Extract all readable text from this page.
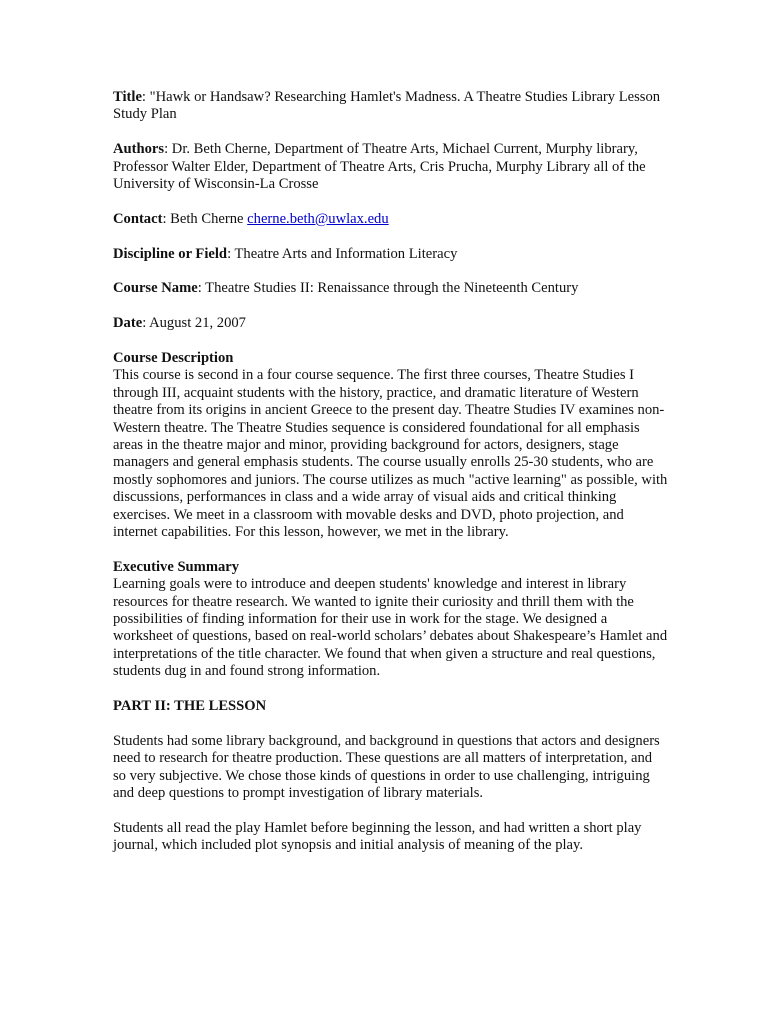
Title: "Hawk or Handsaw? Researching Hamlet's Madness. A Theatre Studies Library Lesson Study Plan

Authors: Dr. Beth Cherne, Department of Theatre Arts, Michael Current, Murphy library, Professor Walter Elder, Department of Theatre Arts, Cris Prucha, Murphy Library all of the University of Wisconsin-La Crosse

Contact: Beth Cherne cherne.beth@uwlax.edu

Discipline or Field: Theatre Arts and Information Literacy

Course Name: Theatre Studies II: Renaissance through the Nineteenth Century

Date: August 21, 2007

Course Description
This course is second in a four course sequence. The first three courses, Theatre Studies I through III, acquaint students with the history, practice, and dramatic literature of Western theatre from its origins in ancient Greece to the present day. Theatre Studies IV examines non-Western theatre. The Theatre Studies sequence is considered foundational for all emphasis areas in the theatre major and minor, providing background for actors, designers, stage managers and general emphasis students. The course usually enrolls 25-30 students, who are mostly sophomores and juniors. The course utilizes as much "active learning" as possible, with discussions, performances in class and a wide array of visual aids and critical thinking exercises. We meet in a classroom with movable desks and DVD, photo projection, and internet capabilities. For this lesson, however, we met in the library.
Executive Summary
Learning goals were to introduce and deepen students' knowledge and interest in library resources for theatre research. We wanted to ignite their curiosity and thrill them with the possibilities of finding information for their use in work for the stage. We designed a worksheet of questions, based on real-world scholars’ debates about Shakespeare’s Hamlet and interpretations of the title character. We found that when given a structure and real questions, students dug in and found strong information.

PART II: THE LESSON

Students had some library background, and background in questions that actors and designers need to research for theatre production. These questions are all matters of interpretation, and so very subjective. We chose those kinds of questions in order to use challenging, intriguing and deep questions to prompt investigation of library materials.

Students all read the play Hamlet before beginning the lesson, and had written a short play journal, which included plot synopsis and initial analysis of meaning of the play.
